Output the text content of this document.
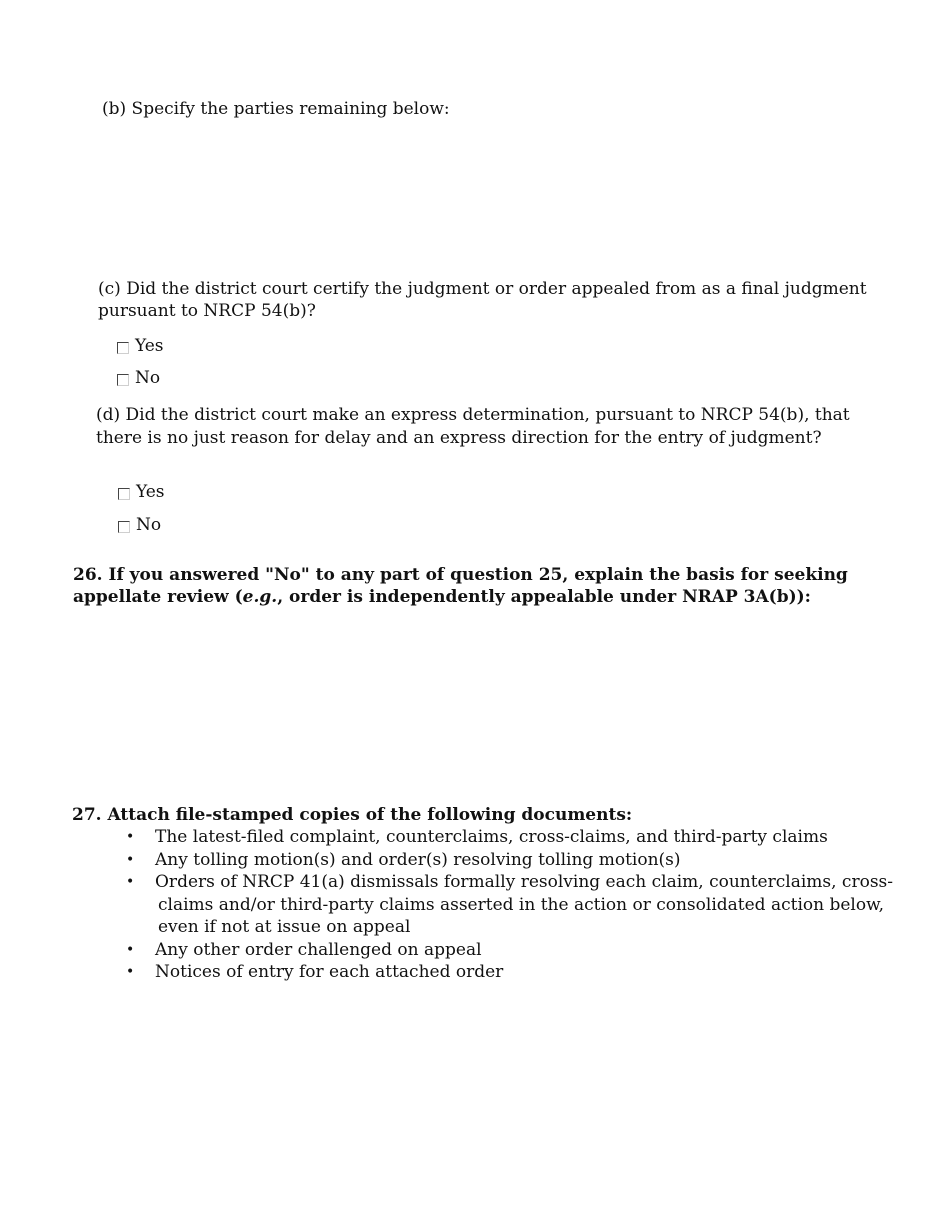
(b) Specify the parties remaining below:
(c) Did the district court certify the judgment or order appealed from as a final judgment
pursuant to NRCP 54(b)?
Yes
No
(d) Did the district court make an express determination, pursuant to NRCP 54(b), that
there is no just reason for delay and an express direction for the entry of judgment?
Yes
No
26. If you answered "No" to any part of question 25, explain the basis for seeking
appellate review (e.g., order is independently appealable under NRAP 3A(b)):
27. Attach file-stamped copies of the following documents:
• The latest-filed complaint, counterclaims, cross-claims, and third-party claims
• Any tolling motion(s) and order(s) resolving tolling motion(s)
• Orders of NRCP 41(a) dismissals formally resolving each claim, counterclaims, cross-
claims and/or third-party claims asserted in the action or consolidated action below,
even if not at issue on appeal
• Any other order challenged on appeal
• Notices of entry for each attached order
